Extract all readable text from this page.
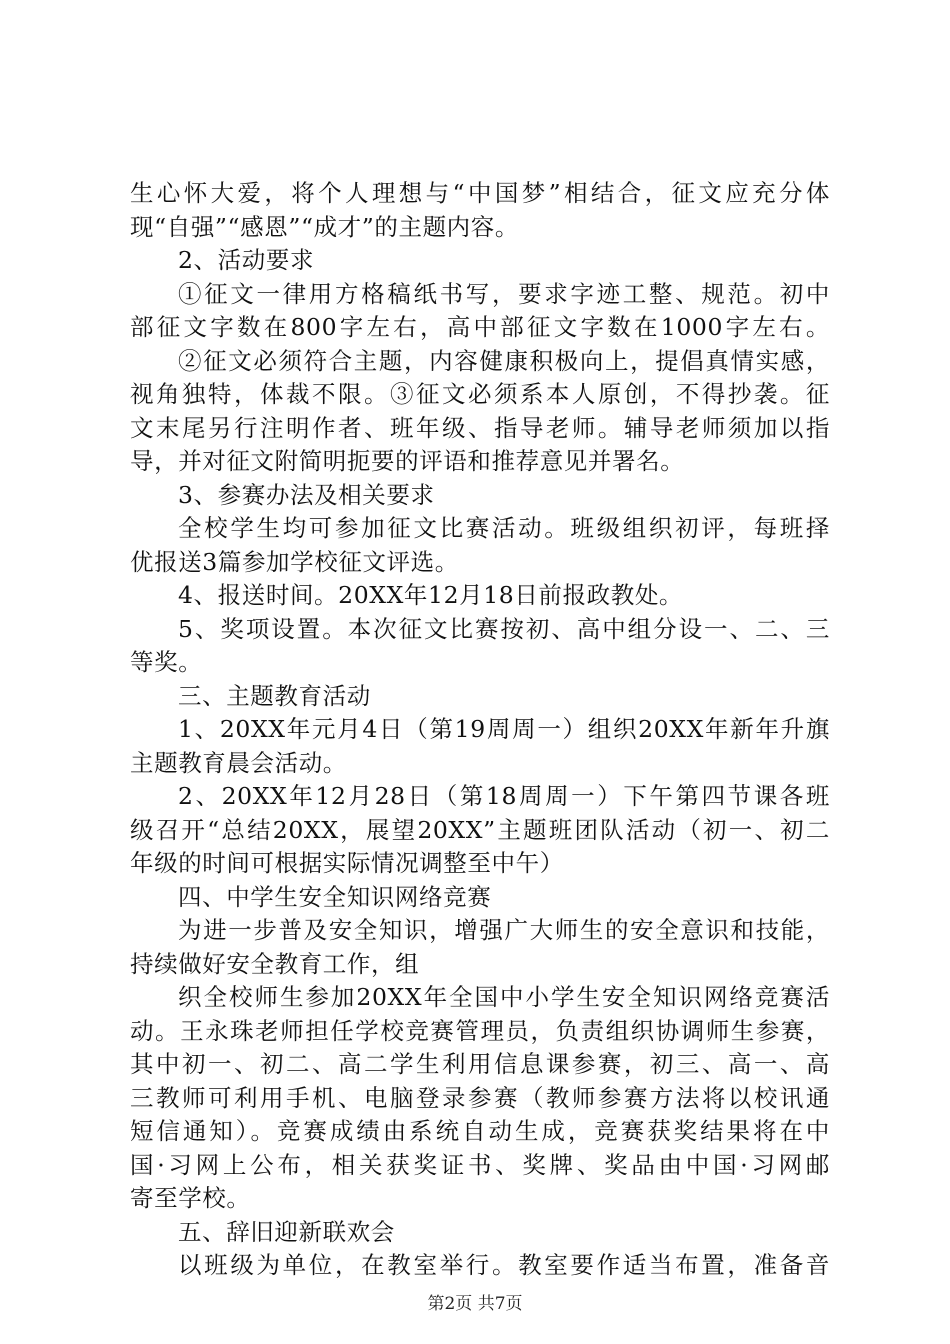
生心怀大爱，将个人理想与“中国梦”相结合，征文应充分体
现“自强”“感恩”“成才”的主题内容。
2、活动要求
①征文一律用方格稿纸书写，要求字迹工整、规范。初中
部征文字数在800字左右，高中部征文字数在1000字左右。
②征文必须符合主题，内容健康积极向上，提倡真情实感，
视角独特，体裁不限。③征文必须系本人原创，不得抄袭。征
文末尾另行注明作者、班年级、指导老师。辅导老师须加以指
导，并对征文附简明扼要的评语和推荐意见并署名。
3、参赛办法及相关要求
全校学生均可参加征文比赛活动。班级组织初评，每班择
优报送3篇参加学校征文评选。
4、报送时间。20XX年12月18日前报政教处。
5、奖项设置。本次征文比赛按初、高中组分设一、二、三
等奖。
三、主题教育活动
1、20XX年元月4日（第19周周一）组织20XX年新年升旗
主题教育晨会活动。
2、20XX年12月28日（第18周周一）下午第四节课各班
级召开“总结20XX，展望20XX”主题班团队活动（初一、初二
年级的时间可根据实际情况调整至中午）
四、中学生安全知识网络竞赛
为进一步普及安全知识，增强广大师生的安全意识和技能，
持续做好安全教育工作，组
织全校师生参加20XX年全国中小学生安全知识网络竞赛活
动。王永珠老师担任学校竞赛管理员，负责组织协调师生参赛，
其中初一、初二、高二学生利用信息课参赛，初三、高一、高
三教师可利用手机、电脑登录参赛（教师参赛方法将以校讯通
短信通知）。竞赛成绩由系统自动生成，竞赛获奖结果将在中
国·习网上公布，相关获奖证书、奖牌、奖品由中国·习网邮
寄至学校。
五、辞旧迎新联欢会
以班级为单位，在教室举行。教室要作适当布置，准备音
第2页 共7页
